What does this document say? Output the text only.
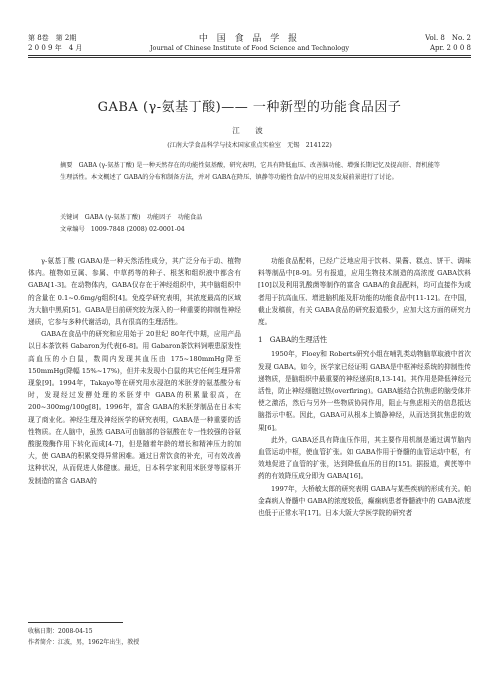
第 8卷　第 2期
2 0 0 9 年　4 月
中 国 食 品 学 报
Journal of Chinese Institute of Food Science and Technology
Vol. 8　No. 2
Apr. 2 0 0 8
GABA (γ-氨基丁酸)—— 一种新型的功能食品因子
江　波
(江南大学食品科学与技术国家重点实验室　无锡　214122)
摘要　GABA (γ-氨基丁酸) 是一种天然存在的功能性氨基酸，研究表明，它具有降低血压、改善脑功能、增强长期记忆及提高肝、肾机能等生理活性。本文概述了 GABA的分布和制备方法，并对 GABA在降压、镇静等功能性食品中的应用及发展前景进行了讨论。
关键词　GABA (γ-氨基丁酸)　功能因子　功能食品
文章编号　1009-7848 (2008) 02-0001-04

γ-氨基丁酸 (GABA)是一种天然活性成分，其广泛分布于动、植物体内。植物如豆属、参属、中草药等的种子、根茎和组织液中都含有 GABA[1-3]。在动物体内，GABA仅存在于神经组织中，其中脑组织中的含量在 0.1~0.6mg/g组织[4]。免疫学研究表明，其浓度最高的区域为大脑中黑质[5]。GABA是目前研究较为深入的一种重要的抑制性神经递质，它参与多种代谢活动，具有很高的生理活性。

GABA在食品中的研究和应用始于 20世纪 80年代中期，应用产品以日本茶饮料 Gabaron为代表[6-8]。用 Gabaron茶饮料饲喂患原发性高血压的小白鼠，数周内发现其血压由 175~180mmHg降至 150mmHg(降幅 15%~17%)，但并未发现小白鼠的其它任何生理异常现象[9]。1994年，Takayo等在研究用水浸泡的米胚芽的氨基酸分布时，发现经过发酵处理的米胚芽中 GABA的积累量很高，在 200~300mg/100g[8]。1996年，富含 GABA的米胚芽制品在日本实现了商业化。神经生理及神经医学的研究表明，GABA是一种重要的活性物质。在人脑中，虽然 GABA可由脑部的谷氨酸在专一性较强的谷氨酸脱羧酶作用下转化而成[4-7]，但是随着年龄的增长和精神压力的加大，使 GABA的积累变得异常困难。通过日常饮食的补充，可有效改善这种状况，从而促进人体健康。最近，日本科学家利用米胚芽等原料开发制造的富含 GABA的

功能食品配料，已经广泛地应用于饮料、果酱、糕点、饼干、调味料等制品中[8-9]。另有报道，应用生物技术制造的高浓度 GABA饮料[10]以及利用乳酸菌等制作的富含 GABA的食品配料，均可直接作为或者用于抗高血压、增进脑机能及肝功能的功能食品中[11-12]。在中国，截止发稿前，有关 GABA食品的研究报道极少，应加大这方面的研究力度。

1　GABA的生理活性

1950年，Floey和 Roberts研究小组在哺乳类动物脑草取液中首次发现 GABA。如今，医学家已经证明 GABA是中枢神经系统的抑制性传递物质，是脑组织中最重要的神经递质[8,13-14]。其作用是降低神经元活性，防止神经细胞过热(overfiring)。GABA能结合抗焦虑的脑受体并使之激活，然后与另外一些物质协同作用，阻止与焦虑相关的信息抵达脑指示中枢。因此，GABA可从根本上镇静神经，从而达到抗焦虑的效果[6]。

此外，GABA还具有降血压作用，其主要作用机制是通过调节脑内血管运动中枢，使血管扩张。如 GABA作用于脊髓的血管运动中枢，有效地促进了血管的扩张，达到降低血压的目的[15]。据报道，黄芪等中药的有效降压成分即为 GABA[16]。

1997年，大桥敏太郎的研究表明 GABA与某些疾病的形成有关。帕金森病人脊髓中 GABA的浓度较低，癫痫病患者脊髓液中的 GABA浓度也低于正常水平[17]。日本大阪大学医学院的研究者

收稿日期：2008-04-15
作者简介：江波，男，1962年出生，教授
